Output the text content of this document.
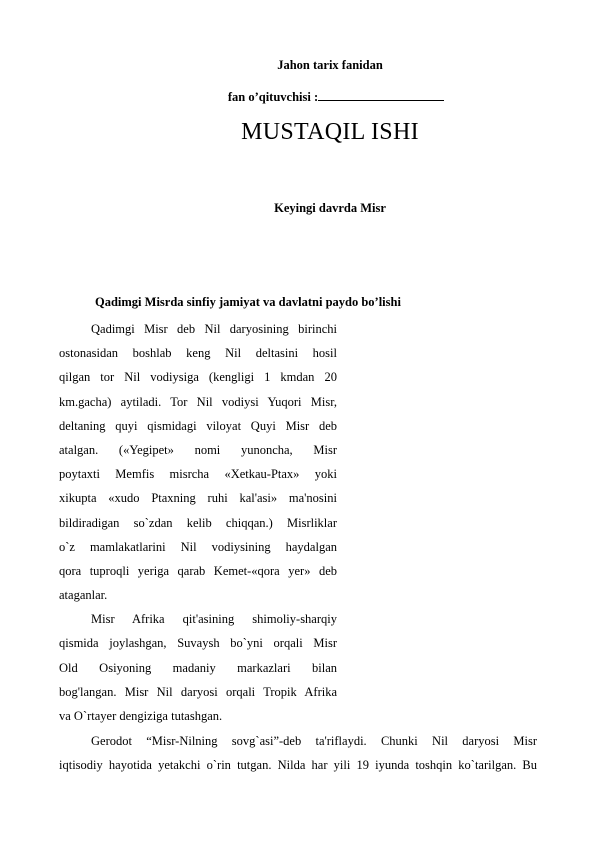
Jahon tarix fanidan
fan o’qituvchisi :
MUSTAQIL ISHI
Keyingi davrda Misr
Qadimgi Misrda sinfiy jamiyat va davlatni paydo bo’lishi
Qadimgi Misr deb Nil daryosining birinchi
ostonasidan boshlab keng Nil deltasini hosil
qilgan tor Nil vodiysiga (kengligi 1 kmdan 20
km.gacha) aytiladi. Tor Nil vodiysi Yuqori Misr,
deltaning quyi qismidagi viloyat Quyi Misr deb
atalgan. («Yegipet» nomi yunoncha, Misr
poytaxti Memfis misrcha «Xetkau-Ptax» yoki
xikupta «xudo Ptaxning ruhi kal'asi» ma'nosini
bildiradigan so`zdan kelib chiqqan.) Misrliklar
o`z mamlakatlarini Nil vodiysining haydalgan
qora tuproqli yeriga qarab Kemet-«qora yer» deb
ataganlar.
Misr Afrika qit'asining shimoliy-sharqiy
qismida joylashgan, Suvaysh bo`yni orqali Misr
Old Osiyoning madaniy markazlari bilan
bog'langan. Misr Nil daryosi orqali Tropik Afrika
va O`rtayer dengiziga tutashgan.
Gerodot “Misr-Nilning sovg`asi”-deb ta'riflaydi. Chunki Nil daryosi Misr
iqtisodiy hayotida yetakchi o`rin tutgan. Nilda har yili 19 iyunda toshqin ko`tarilgan. Bu
